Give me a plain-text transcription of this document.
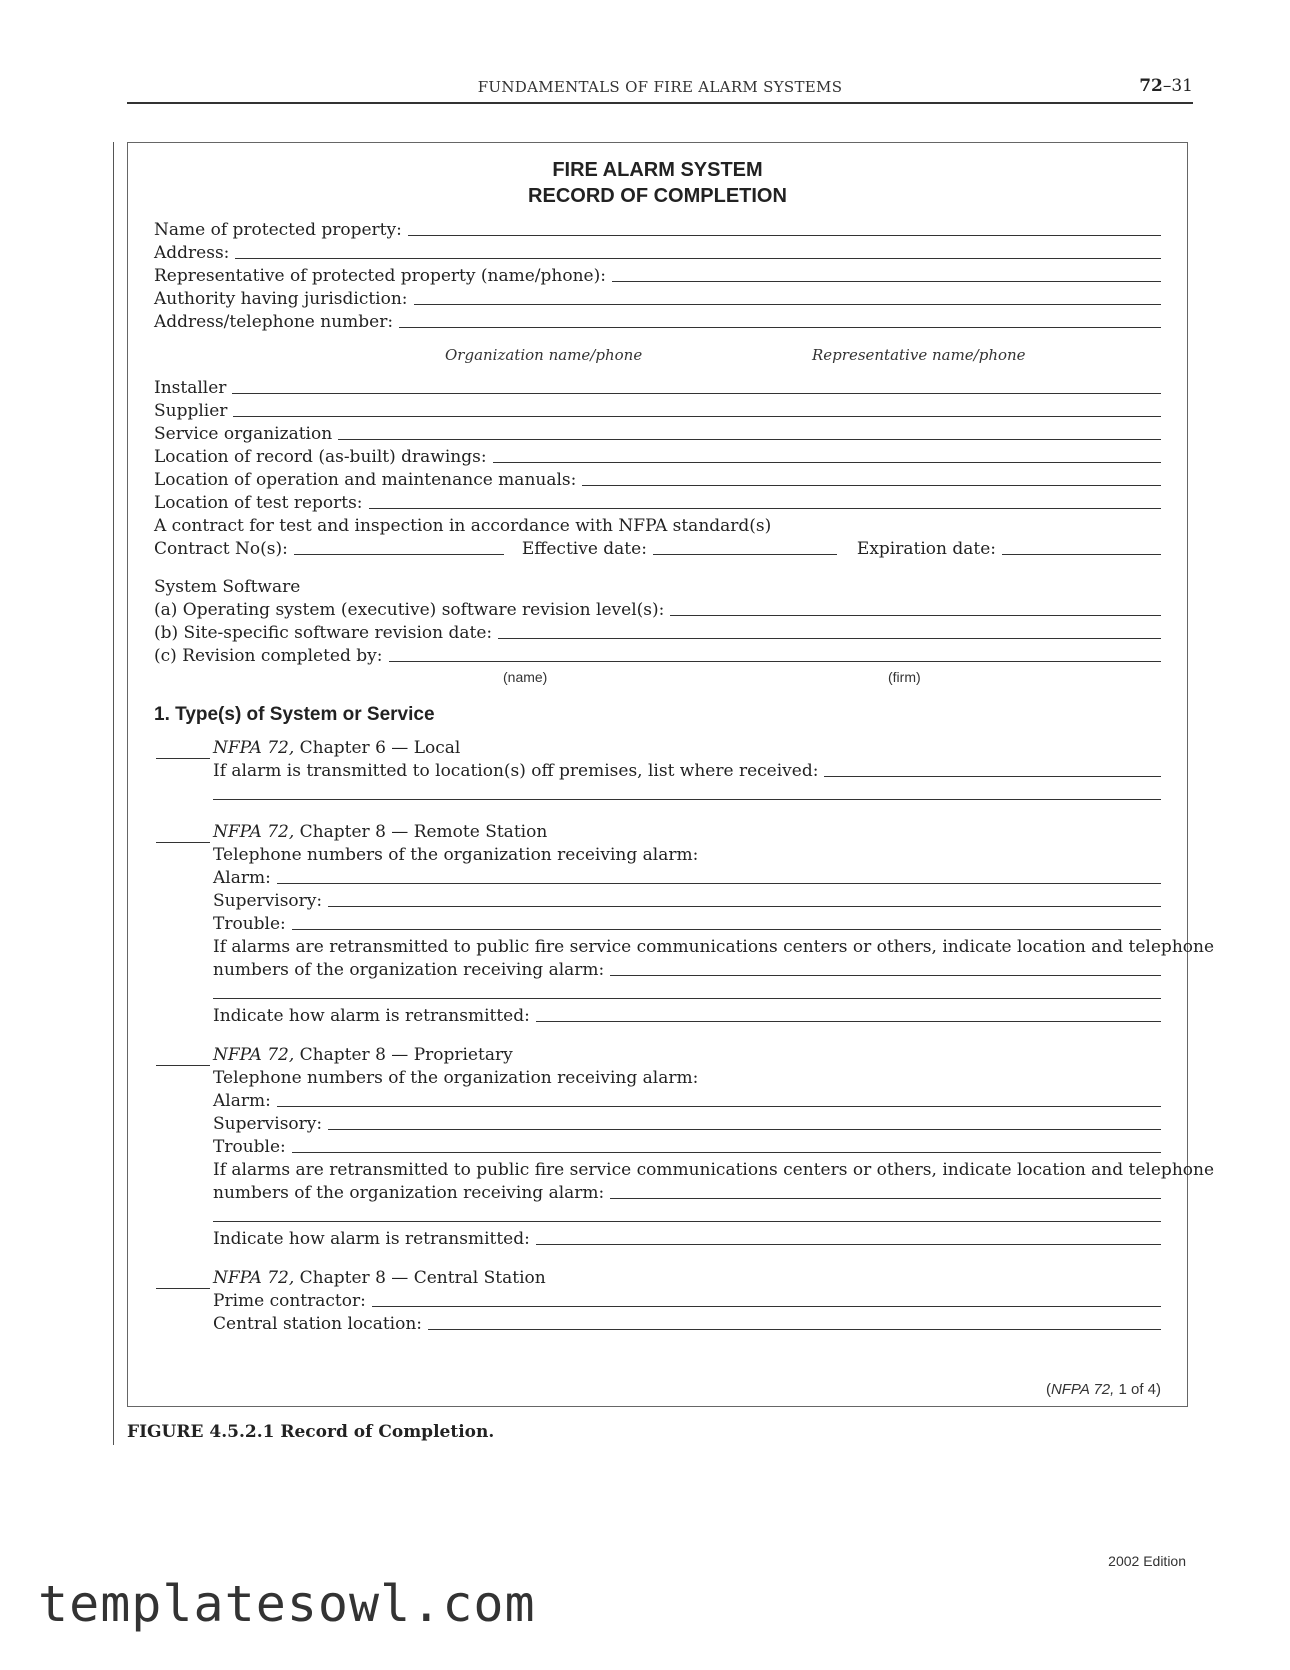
FUNDAMENTALS OF FIRE ALARM SYSTEMS	72–31
FIRE ALARM SYSTEM
RECORD OF COMPLETION
Name of protected property:
Address:
Representative of protected property (name/phone):
Authority having jurisdiction:
Address/telephone number:
Organization name/phone	Representative name/phone
Installer
Supplier
Service organization
Location of record (as-built) drawings:
Location of operation and maintenance manuals:
Location of test reports:
A contract for test and inspection in accordance with NFPA standard(s)
Contract No(s):	Effective date:	Expiration date:
System Software
(a) Operating system (executive) software revision level(s):
(b) Site-specific software revision date:
(c) Revision completed by:
(name)	(firm)
1. Type(s) of System or Service
NFPA 72, Chapter 6 — Local
If alarm is transmitted to location(s) off premises, list where received:
NFPA 72, Chapter 8 — Remote Station
Telephone numbers of the organization receiving alarm:
Alarm:
Supervisory:
Trouble:
If alarms are retransmitted to public fire service communications centers or others, indicate location and telephone
numbers of the organization receiving alarm:
Indicate how alarm is retransmitted:
NFPA 72, Chapter 8 — Proprietary
Telephone numbers of the organization receiving alarm:
Alarm:
Supervisory:
Trouble:
If alarms are retransmitted to public fire service communications centers or others, indicate location and telephone
numbers of the organization receiving alarm:
Indicate how alarm is retransmitted:
NFPA 72, Chapter 8 — Central Station
Prime contractor:
Central station location:
(NFPA 72, 1 of 4)
FIGURE 4.5.2.1 Record of Completion.
2002 Edition
templatesowl.com
